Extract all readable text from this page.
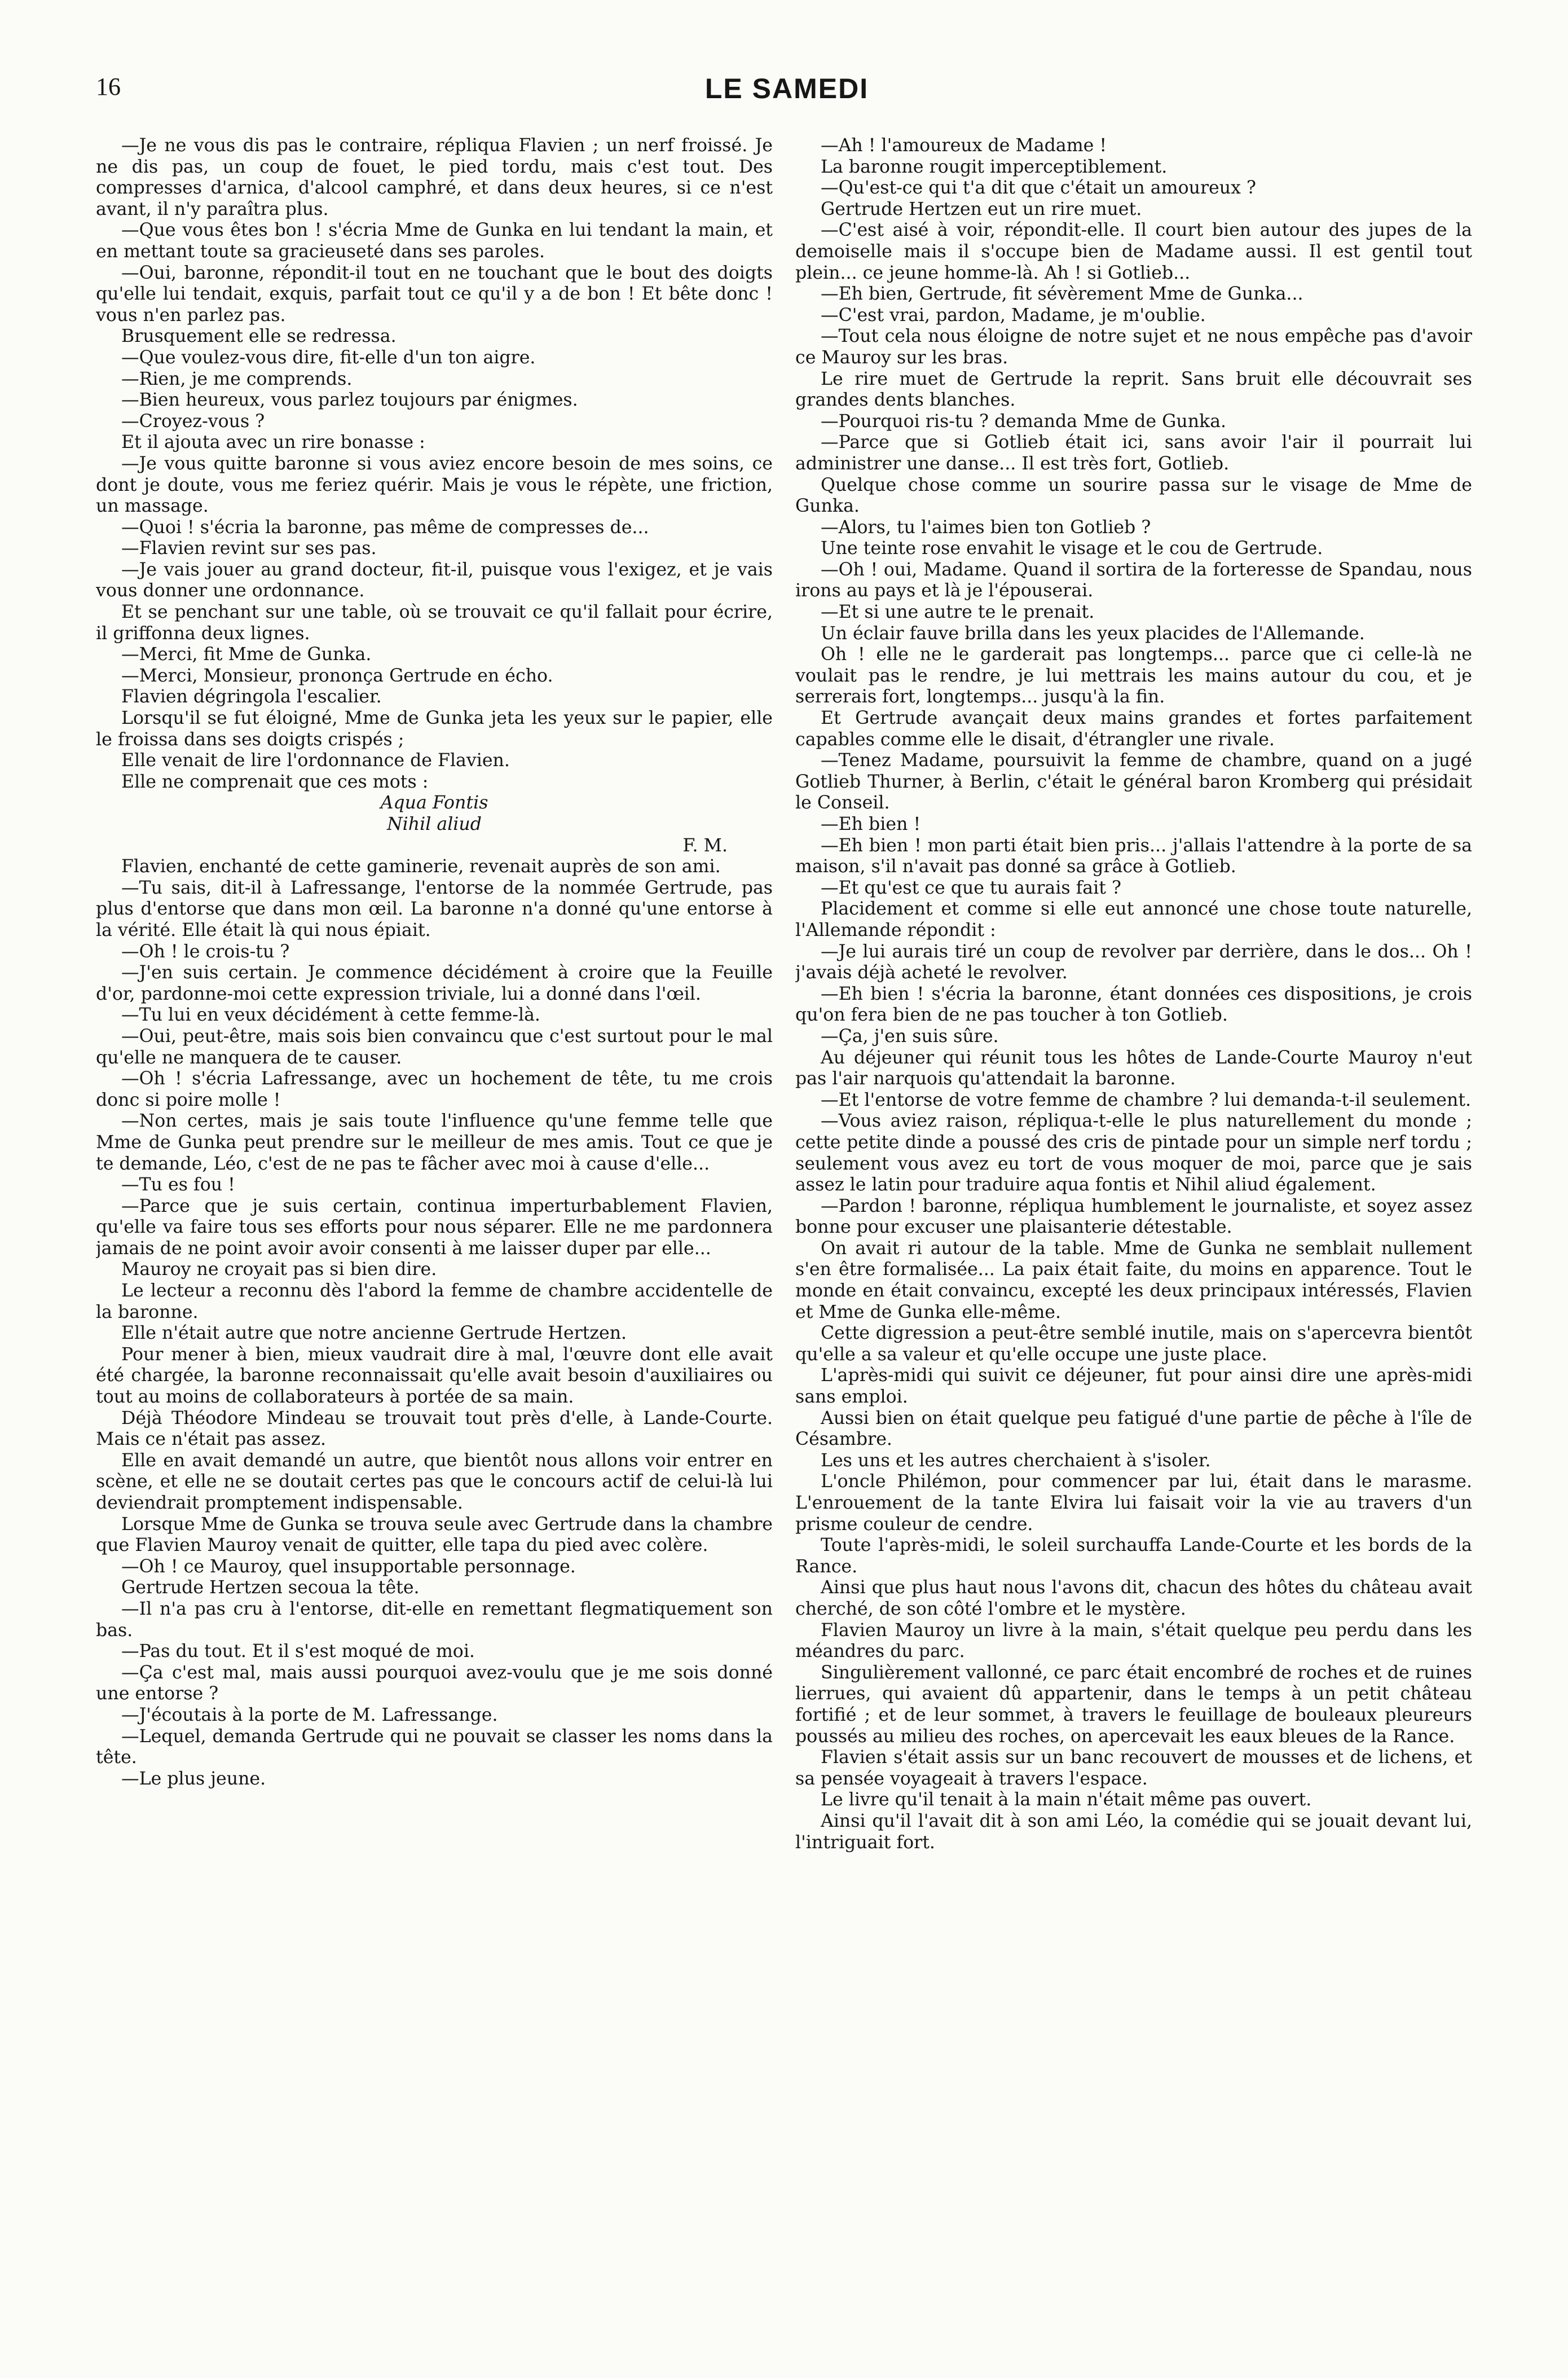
16	LE SAMEDI

—Je ne vous dis pas le contraire, répliqua Flavien ; un nerf froissé. Je ne dis pas, un coup de fouet, le pied tordu, mais c'est tout. Des compresses d'arnica, d'alcool camphré, et dans deux heures, si ce n'est avant, il n'y paraîtra plus.

—Que vous êtes bon ! s'écria Mme de Gunka en lui tendant la main, et en mettant toute sa gracieuseté dans ses paroles.

—Oui, baronne, répondit-il tout en ne touchant que le bout des doigts qu'elle lui tendait, exquis, parfait tout ce qu'il y a de bon ! Et bête donc ! vous n'en parlez pas.

Brusquement elle se redressa.

—Que voulez-vous dire, fit-elle d'un ton aigre.

—Rien, je me comprends.

—Bien heureux, vous parlez toujours par énigmes.

—Croyez-vous ?

Et il ajouta avec un rire bonasse :

—Je vous quitte baronne si vous aviez encore besoin de mes soins, ce dont je doute, vous me feriez quérir. Mais je vous le répète, une friction, un massage.

—Quoi ! s'écria la baronne, pas même de compresses de...

—Flavien revint sur ses pas.

—Je vais jouer au grand docteur, fit-il, puisque vous l'exigez, et je vais vous donner une ordonnance.

Et se penchant sur une table, où se trouvait ce qu'il fallait pour écrire, il griffonna deux lignes.

—Merci, fit Mme de Gunka.

—Merci, Monsieur, prononça Gertrude en écho.

Flavien dégringola l'escalier.

Lorsqu'il se fut éloigné, Mme de Gunka jeta les yeux sur le papier, elle le froissa dans ses doigts crispés ;

Elle venait de lire l'ordonnance de Flavien.

Elle ne comprenait que ces mots :

Aqua Fontis

Nihil aliud

F. M.

Flavien, enchanté de cette gaminerie, revenait auprès de son ami.

—Tu sais, dit-il à Lafressange, l'entorse de la nommée Gertrude, pas plus d'entorse que dans mon œil. La baronne n'a donné qu'une entorse à la vérité. Elle était là qui nous épiait.

—Oh ! le crois-tu ?

—J'en suis certain. Je commence décidément à croire que la Feuille d'or, pardonne-moi cette expression triviale, lui a donné dans l'œil.

—Tu lui en veux décidément à cette femme-là.

—Oui, peut-être, mais sois bien convaincu que c'est surtout pour le mal qu'elle ne manquera de te causer.

—Oh ! s'écria Lafressange, avec un hochement de tête, tu me crois donc si poire molle !

—Non certes, mais je sais toute l'influence qu'une femme telle que Mme de Gunka peut prendre sur le meilleur de mes amis. Tout ce que je te demande, Léo, c'est de ne pas te fâcher avec moi à cause d'elle...

—Tu es fou !

—Parce que je suis certain, continua imperturbablement Flavien, qu'elle va faire tous ses efforts pour nous séparer. Elle ne me pardonnera jamais de ne point avoir avoir consenti à me laisser duper par elle...

Mauroy ne croyait pas si bien dire.

Le lecteur a reconnu dès l'abord la femme de chambre accidentelle de la baronne.

Elle n'était autre que notre ancienne Gertrude Hertzen.

Pour mener à bien, mieux vaudrait dire à mal, l'œuvre dont elle avait été chargée, la baronne reconnaissait qu'elle avait besoin d'auxiliaires ou tout au moins de collaborateurs à portée de sa main.

Déjà Théodore Mindeau se trouvait tout près d'elle, à Lande-Courte. Mais ce n'était pas assez.

Elle en avait demandé un autre, que bientôt nous allons voir entrer en scène, et elle ne se doutait certes pas que le concours actif de celui-là lui deviendrait promptement indispensable.

Lorsque Mme de Gunka se trouva seule avec Gertrude dans la chambre que Flavien Mauroy venait de quitter, elle tapa du pied avec colère.

—Oh ! ce Mauroy, quel insupportable personnage.

Gertrude Hertzen secoua la tête.

—Il n'a pas cru à l'entorse, dit-elle en remettant flegmatiquement son bas.

—Pas du tout. Et il s'est moqué de moi.

—Ça c'est mal, mais aussi pourquoi avez-voulu que je me sois donné une entorse ?

—J'écoutais à la porte de M. Lafressange.

—Lequel, demanda Gertrude qui ne pouvait se classer les noms dans la tête.

—Le plus jeune.

—Ah ! l'amoureux de Madame !

La baronne rougit imperceptiblement.

—Qu'est-ce qui t'a dit que c'était un amoureux ?

Gertrude Hertzen eut un rire muet.

—C'est aisé à voir, répondit-elle. Il court bien autour des jupes de la demoiselle mais il s'occupe bien de Madame aussi. Il est gentil tout plein... ce jeune homme-là. Ah ! si Gotlieb...

—Eh bien, Gertrude, fit sévèrement Mme de Gunka...

—C'est vrai, pardon, Madame, je m'oublie.

—Tout cela nous éloigne de notre sujet et ne nous empêche pas d'avoir ce Mauroy sur les bras.

Le rire muet de Gertrude la reprit. Sans bruit elle découvrait ses grandes dents blanches.

—Pourquoi ris-tu ? demanda Mme de Gunka.

—Parce que si Gotlieb était ici, sans avoir l'air il pourrait lui administrer une danse... Il est très fort, Gotlieb.

Quelque chose comme un sourire passa sur le visage de Mme de Gunka.

—Alors, tu l'aimes bien ton Gotlieb ?

Une teinte rose envahit le visage et le cou de Gertrude.

—Oh ! oui, Madame. Quand il sortira de la forteresse de Spandau, nous irons au pays et là je l'épouserai.

—Et si une autre te le prenait.

Un éclair fauve brilla dans les yeux placides de l'Allemande.

Oh ! elle ne le garderait pas longtemps... parce que ci celle-là ne voulait pas le rendre, je lui mettrais les mains autour du cou, et je serrerais fort, longtemps... jusqu'à la fin.

Et Gertrude avançait deux mains grandes et fortes parfaitement capables comme elle le disait, d'étrangler une rivale.

—Tenez Madame, poursuivit la femme de chambre, quand on a jugé Gotlieb Thurner, à Berlin, c'était le général baron Kromberg qui présidait le Conseil.

—Eh bien !

—Eh bien ! mon parti était bien pris... j'allais l'attendre à la porte de sa maison, s'il n'avait pas donné sa grâce à Gotlieb.

—Et qu'est ce que tu aurais fait ?

Placidement et comme si elle eut annoncé une chose toute naturelle, l'Allemande répondit :

—Je lui aurais tiré un coup de revolver par derrière, dans le dos... Oh ! j'avais déjà acheté le revolver.

—Eh bien ! s'écria la baronne, étant données ces dispositions, je crois qu'on fera bien de ne pas toucher à ton Gotlieb.

—Ça, j'en suis sûre.

Au déjeuner qui réunit tous les hôtes de Lande-Courte Mauroy n'eut pas l'air narquois qu'attendait la baronne.

—Et l'entorse de votre femme de chambre ? lui demanda-t-il seulement.

—Vous aviez raison, répliqua-t-elle le plus naturellement du monde ; cette petite dinde a poussé des cris de pintade pour un simple nerf tordu ; seulement vous avez eu tort de vous moquer de moi, parce que je sais assez le latin pour traduire aqua fontis et Nihil aliud également.

—Pardon ! baronne, répliqua humblement le journaliste, et soyez assez bonne pour excuser une plaisanterie détestable.

On avait ri autour de la table. Mme de Gunka ne semblait nullement s'en être formalisée... La paix était faite, du moins en apparence. Tout le monde en était convaincu, excepté les deux principaux intéressés, Flavien et Mme de Gunka elle-même.

Cette digression a peut-être semblé inutile, mais on s'apercevra bientôt qu'elle a sa valeur et qu'elle occupe une juste place.

L'après-midi qui suivit ce déjeuner, fut pour ainsi dire une après-midi sans emploi.

Aussi bien on était quelque peu fatigué d'une partie de pêche à l'île de Césambre.

Les uns et les autres cherchaient à s'isoler.

L'oncle Philémon, pour commencer par lui, était dans le marasme. L'enrouement de la tante Elvira lui faisait voir la vie au travers d'un prisme couleur de cendre.

Toute l'après-midi, le soleil surchauffa Lande-Courte et les bords de la Rance.

Ainsi que plus haut nous l'avons dit, chacun des hôtes du château avait cherché, de son côté l'ombre et le mystère.

Flavien Mauroy un livre à la main, s'était quelque peu perdu dans les méandres du parc.

Singulièrement vallonné, ce parc était encombré de roches et de ruines lierrues, qui avaient dû appartenir, dans le temps à un petit château fortifié ; et de leur sommet, à travers le feuillage de bouleaux pleureurs poussés au milieu des roches, on apercevait les eaux bleues de la Rance.

Flavien s'était assis sur un banc recouvert de mousses et de lichens, et sa pensée voyageait à travers l'espace.

Le livre qu'il tenait à la main n'était même pas ouvert.

Ainsi qu'il l'avait dit à son ami Léo, la comédie qui se jouait devant lui, l'intriguait fort.
